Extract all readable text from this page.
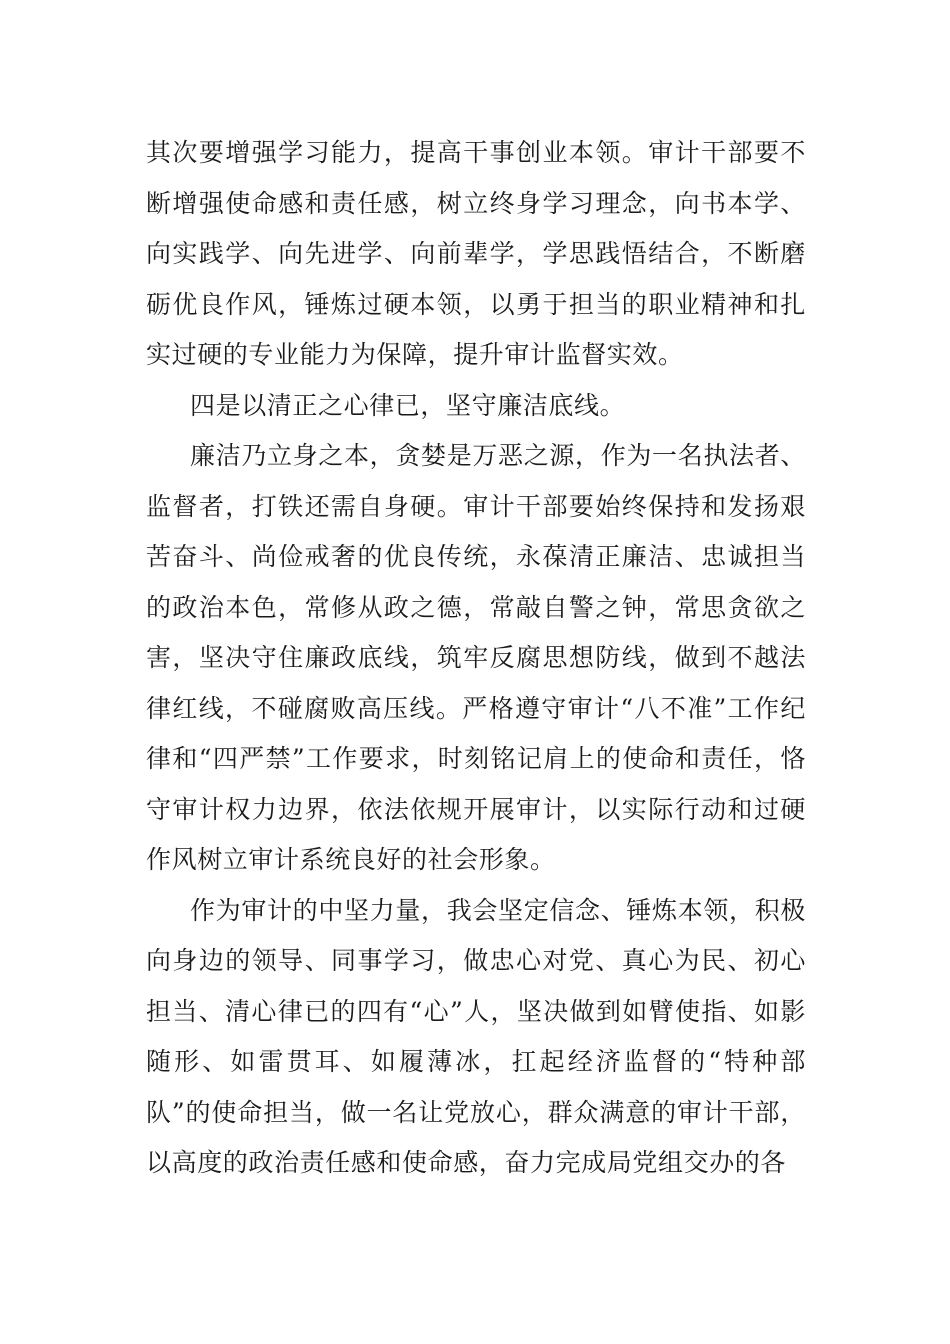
其次要增强学习能力，提高干事创业本领。审计干部要不断增强使命感和责任感，树立终身学习理念，向书本学、向实践学、向先进学、向前辈学，学思践悟结合，不断磨砺优良作风，锤炼过硬本领，以勇于担当的职业精神和扎实过硬的专业能力为保障，提升审计监督实效。

四是以清正之心律已，坚守廉洁底线。

廉洁乃立身之本，贪婪是万恶之源，作为一名执法者、监督者，打铁还需自身硬。审计干部要始终保持和发扬艰苦奋斗、尚俭戒奢的优良传统，永葆清正廉洁、忠诚担当的政治本色，常修从政之德，常敲自警之钟，常思贪欲之害，坚决守住廉政底线，筑牢反腐思想防线，做到不越法律红线，不碰腐败高压线。严格遵守审计“八不准”工作纪律和“四严禁”工作要求，时刻铭记肩上的使命和责任，恪守审计权力边界，依法依规开展审计，以实际行动和过硬作风树立审计系统良好的社会形象。

作为审计的中坚力量，我会坚定信念、锤炼本领，积极向身边的领导、同事学习，做忠心对党、真心为民、初心担当、清心律已的四有“心”人，坚决做到如臂使指、如影随形、如雷贯耳、如履薄冰，扛起经济监督的“特种部队”的使命担当，做一名让党放心，群众满意的审计干部，以高度的政治责任感和使命感，奋力完成局党组交办的各
